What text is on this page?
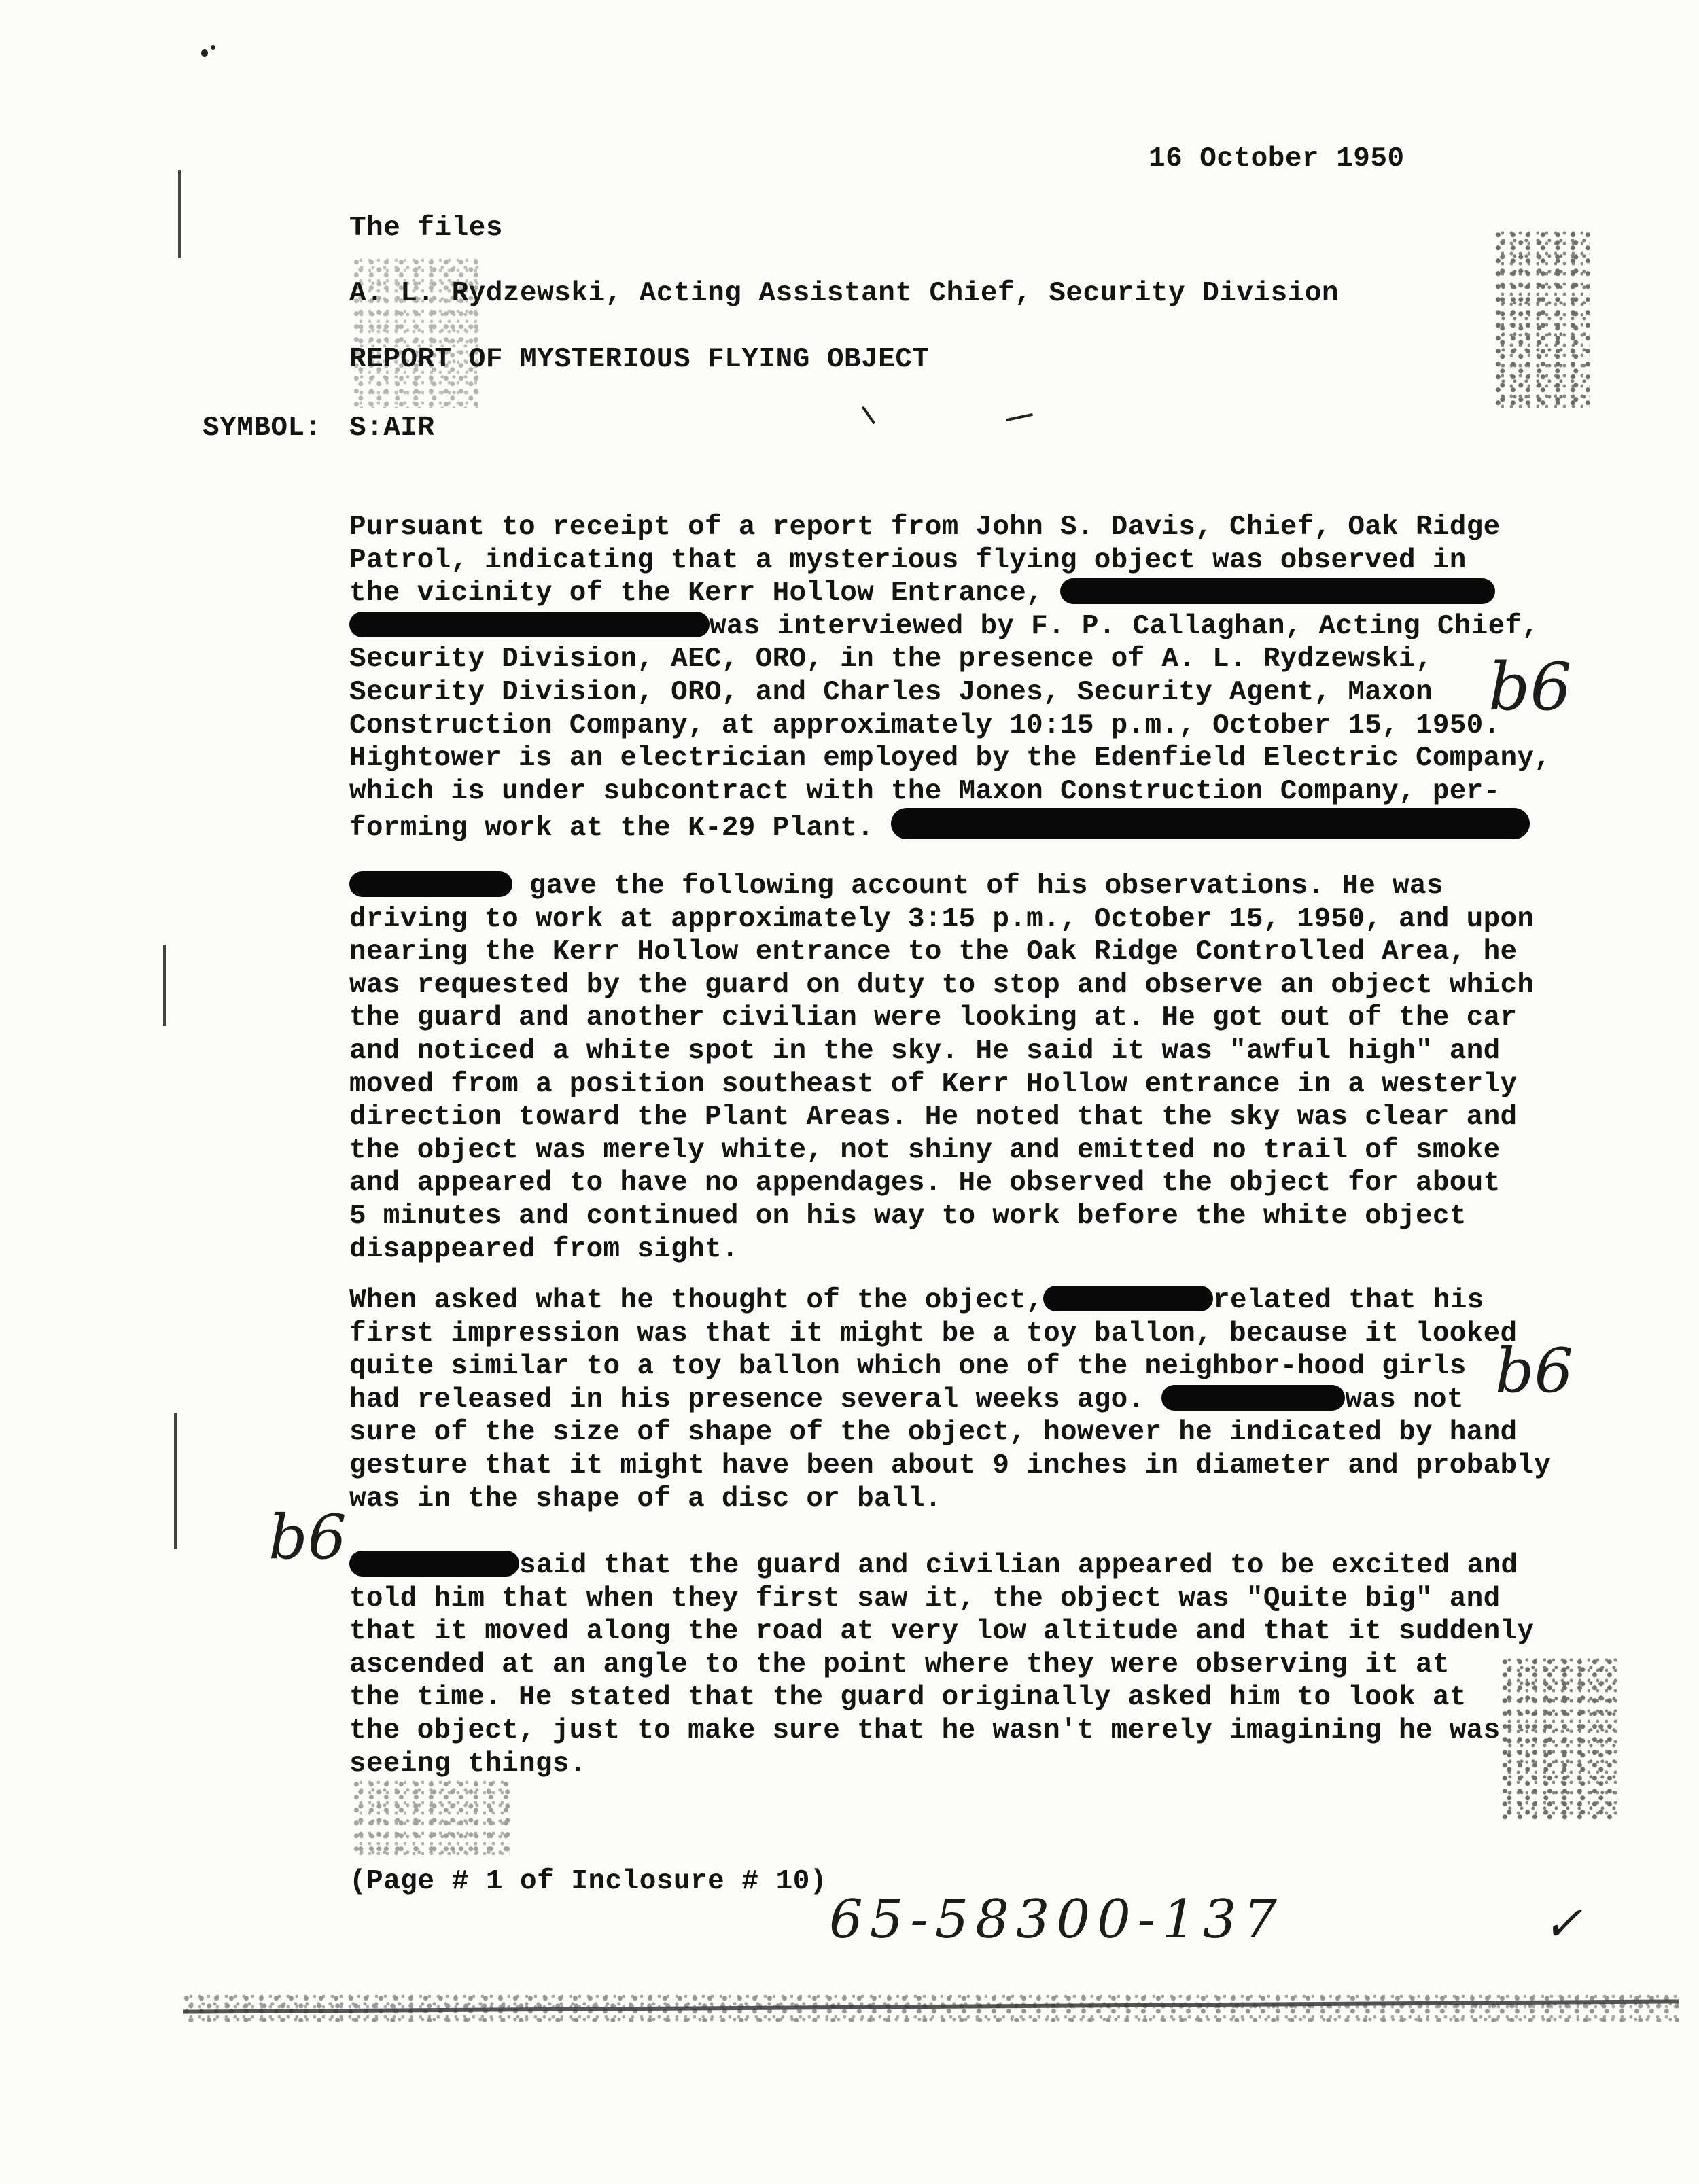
16 October 1950
The files
A. L. Rydzewski, Acting Assistant Chief, Security Division
REPORT OF MYSTERIOUS FLYING OBJECT
SYMBOL: S:AIR

Pursuant to receipt of a report from John S. Davis, Chief, Oak Ridge

Patrol, indicating that a mysterious flying object was observed in

the vicinity of the Kerr Hollow Entrance,

was interviewed by F. P. Callaghan, Acting Chief,

Security Division, AEC, ORO, in the presence of A. L. Rydzewski,

Security Division, ORO, and Charles Jones, Security Agent, Maxon

Construction Company, at approximately 10:15 p.m., October 15, 1950.

Hightower is an electrician employed by the Edenfield Electric Company,

which is under subcontract with the Maxon Construction Company, per-

forming work at the K-29 Plant.

gave the following account of his observations. He was

driving to work at approximately 3:15 p.m., October 15, 1950, and upon

nearing the Kerr Hollow entrance to the Oak Ridge Controlled Area, he

was requested by the guard on duty to stop and observe an object which

the guard and another civilian were looking at. He got out of the car

and noticed a white spot in the sky. He said it was "awful high" and

moved from a position southeast of Kerr Hollow entrance in a westerly

direction toward the Plant Areas. He noted that the sky was clear and

the object was merely white, not shiny and emitted no trail of smoke

and appeared to have no appendages. He observed the object for about

5 minutes and continued on his way to work before the white object

disappeared from sight.

When asked what he thought of the object,	related that his

first impression was that it might be a toy ballon, because it looked

quite similar to a toy ballon which one of the neighbor-hood girls

had released in his presence several weeks ago.	was not

sure of the size of shape of the object, however he indicated by hand

gesture that it might have been about 9 inches in diameter and probably

was in the shape of a disc or ball.

said that the guard and civilian appeared to be excited and

told him that when they first saw it, the object was "Quite big" and

that it moved along the road at very low altitude and that it suddenly

ascended at an angle to the point where they were observing it at

the time. He stated that the guard originally asked him to look at

the object, just to make sure that he wasn't merely imagining he was

seeing things.

(Page # 1 of Inclosure # 10)
b6
b6
b6
65-58300-137	✓
